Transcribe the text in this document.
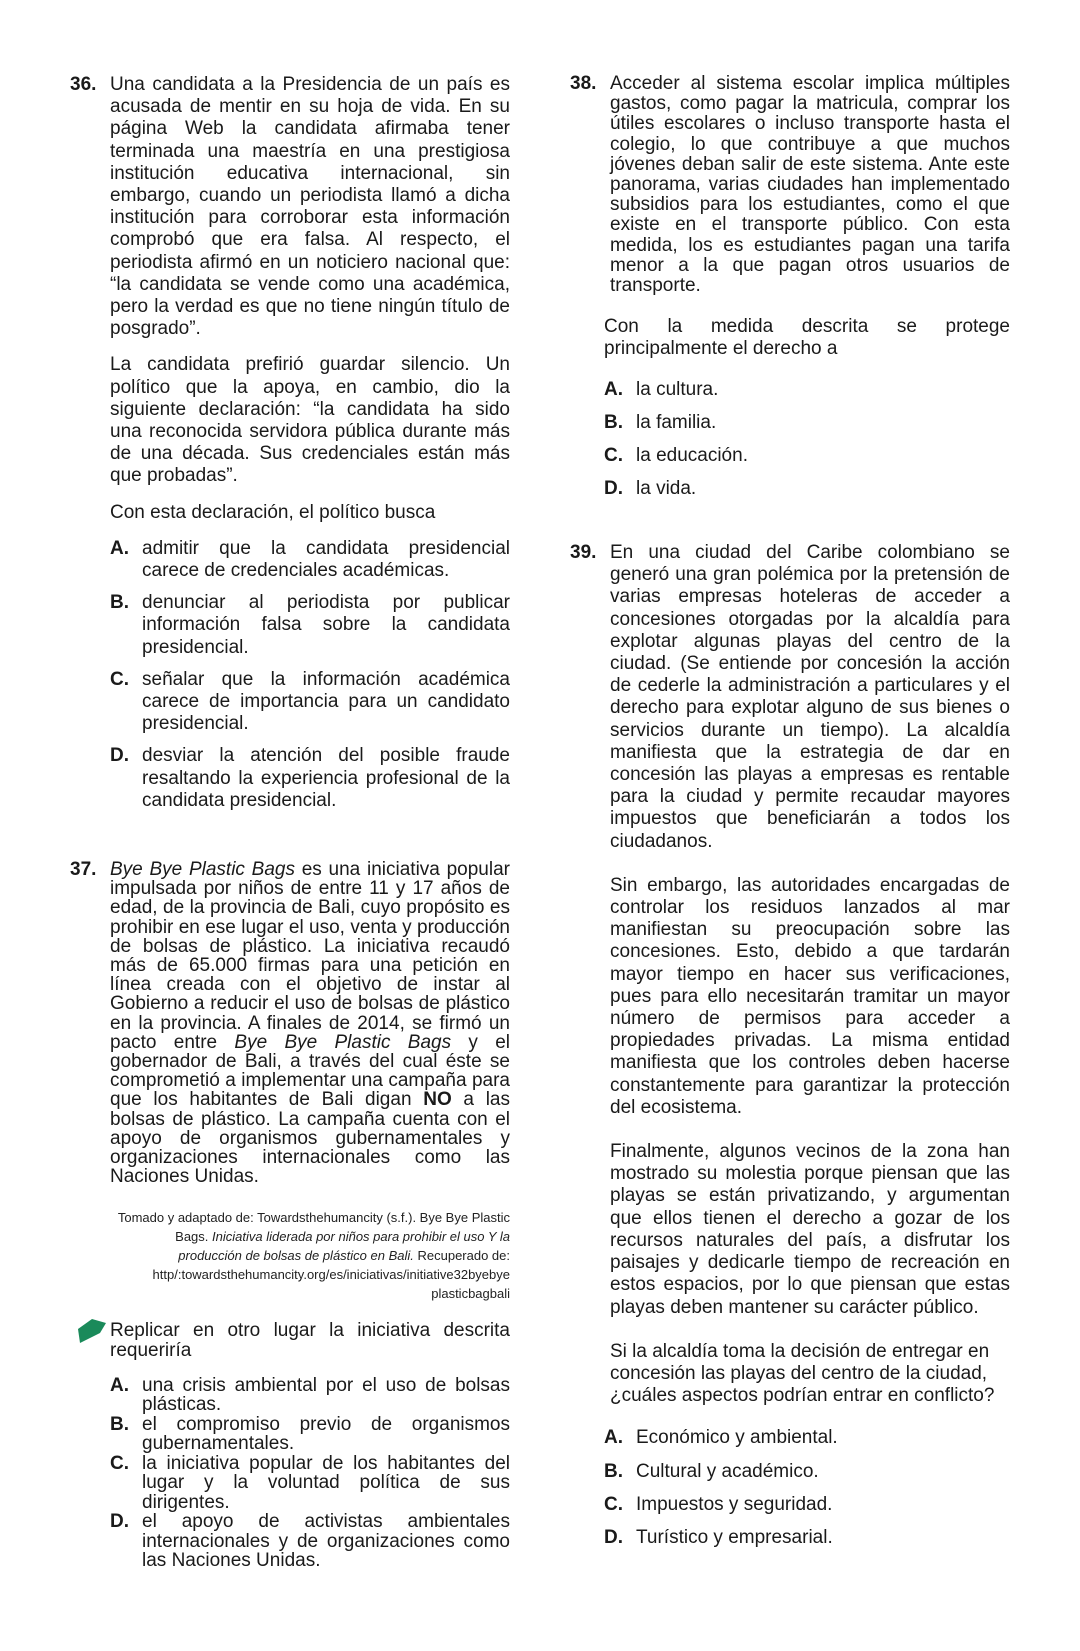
36. Una candidata a la Presidencia de un país es acusada de mentir en su hoja de vida. En su página Web la candidata afirmaba tener terminada una maestría en una prestigiosa institución educativa internacional, sin embargo, cuando un periodista llamó a dicha institución para corroborar esta información comprobó que era falsa. Al respecto, el periodista afirmó en un noticiero nacional que: “la candidata se vende como una académica, pero la verdad es que no tiene ningún título de posgrado”.

La candidata prefirió guardar silencio. Un político que la apoya, en cambio, dio la siguiente declaración: “la candidata ha sido una reconocida servidora pública durante más de una década. Sus credenciales están más que probadas”.

Con esta declaración, el político busca

A. admitir que la candidata presidencial carece de credenciales académicas.
B. denunciar al periodista por publicar información falsa sobre la candidata presidencial.
C. señalar que la información académica carece de importancia para un candidato presidencial.
D. desviar la atención del posible fraude resaltando la experiencia profesional de la candidata presidencial.
37. Bye Bye Plastic Bags es una iniciativa popular impulsada por niños de entre 11 y 17 años de edad, de la provincia de Bali, cuyo propósito es prohibir en ese lugar el uso, venta y producción de bolsas de plástico. La iniciativa recaudó más de 65.000 firmas para una petición en línea creada con el objetivo de instar al Gobierno a reducir el uso de bolsas de plástico en la provincia. A finales de 2014, se firmó un pacto entre Bye Bye Plastic Bags y el gobernador de Bali, a través del cual éste se comprometió a implementar una campaña para que los habitantes de Bali digan NO a las bolsas de plástico. La campaña cuenta con el apoyo de organismos gubernamentales y organizaciones internacionales como las Naciones Unidas.

Tomado y adaptado de: Towardsthehumancity (s.f.). Bye Bye Plastic Bags. Iniciativa liderada por niños para prohibir el uso Y la producción de bolsas de plástico en Bali. Recuperado de: http/:towardsthehumancity.org/es/iniciativas/initiative32byebye plasticbagbali

Replicar en otro lugar la iniciativa descrita requeriría

A. una crisis ambiental por el uso de bolsas plásticas.
B. el compromiso previo de organismos gubernamentales.
C. la iniciativa popular de los habitantes del lugar y la voluntad política de sus dirigentes.
D. el apoyo de activistas ambientales internacionales y de organizaciones como las Naciones Unidas.
38. Acceder al sistema escolar implica múltiples gastos, como pagar la matricula, comprar los útiles escolares o incluso transporte hasta el colegio, lo que contribuye a que muchos jóvenes deban salir de este sistema. Ante este panorama, varias ciudades han implementado subsidios para los estudiantes, como el que existe en el transporte público. Con esta medida, los es estudiantes pagan una tarifa menor a la que pagan otros usuarios de transporte.

Con la medida descrita se protege principalmente el derecho a

A. la cultura.
B. la familia.
C. la educación.
D. la vida.
39. En una ciudad del Caribe colombiano se generó una gran polémica por la pretensión de varias empresas hoteleras de acceder a concesiones otorgadas por la alcaldía para explotar algunas playas del centro de la ciudad. (Se entiende por concesión la acción de cederle la administración a particulares y el derecho para explotar alguno de sus bienes o servicios durante un tiempo). La alcaldía manifiesta que la estrategia de dar en concesión las playas a empresas es rentable para la ciudad y permite recaudar mayores impuestos que beneficiarán a todos los ciudadanos.

Sin embargo, las autoridades encargadas de controlar los residuos lanzados al mar manifiestan su preocupación sobre las concesiones. Esto, debido a que tardarán mayor tiempo en hacer sus verificaciones, pues para ello necesitarán tramitar un mayor número de permisos para acceder a propiedades privadas. La misma entidad manifiesta que los controles deben hacerse constantemente para garantizar la protección del ecosistema.

Finalmente, algunos vecinos de la zona han mostrado su molestia porque piensan que las playas se están privatizando, y argumentan que ellos tienen el derecho a gozar de los recursos naturales del país, a disfrutar los paisajes y dedicarle tiempo de recreación en estos espacios, por lo que piensan que estas playas deben mantener su carácter público.

Si la alcaldía toma la decisión de entregar en concesión las playas del centro de la ciudad, ¿cuáles aspectos podrían entrar en conflicto?

A. Económico y ambiental.
B. Cultural y académico.
C. Impuestos y seguridad.
D. Turístico y empresarial.
